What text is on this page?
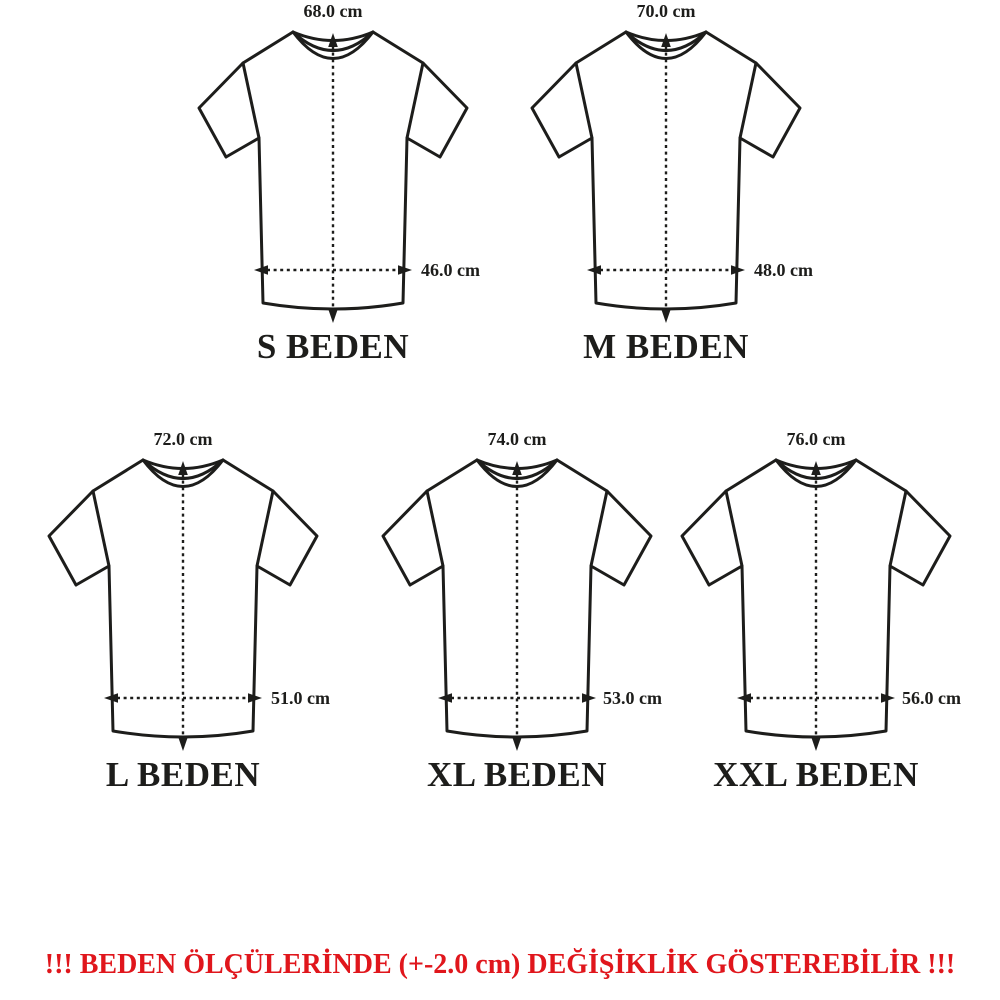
68.0 cm
46.0 cm
S BEDEN
70.0 cm
48.0 cm
M BEDEN
72.0 cm
51.0 cm
L BEDEN
74.0 cm
53.0 cm
XL BEDEN
76.0 cm
56.0 cm
XXL BEDEN
!!! BEDEN ÖLÇÜLERİNDE (+-2.0 cm) DEĞİŞİKLİK GÖSTEREBİLİR !!!
